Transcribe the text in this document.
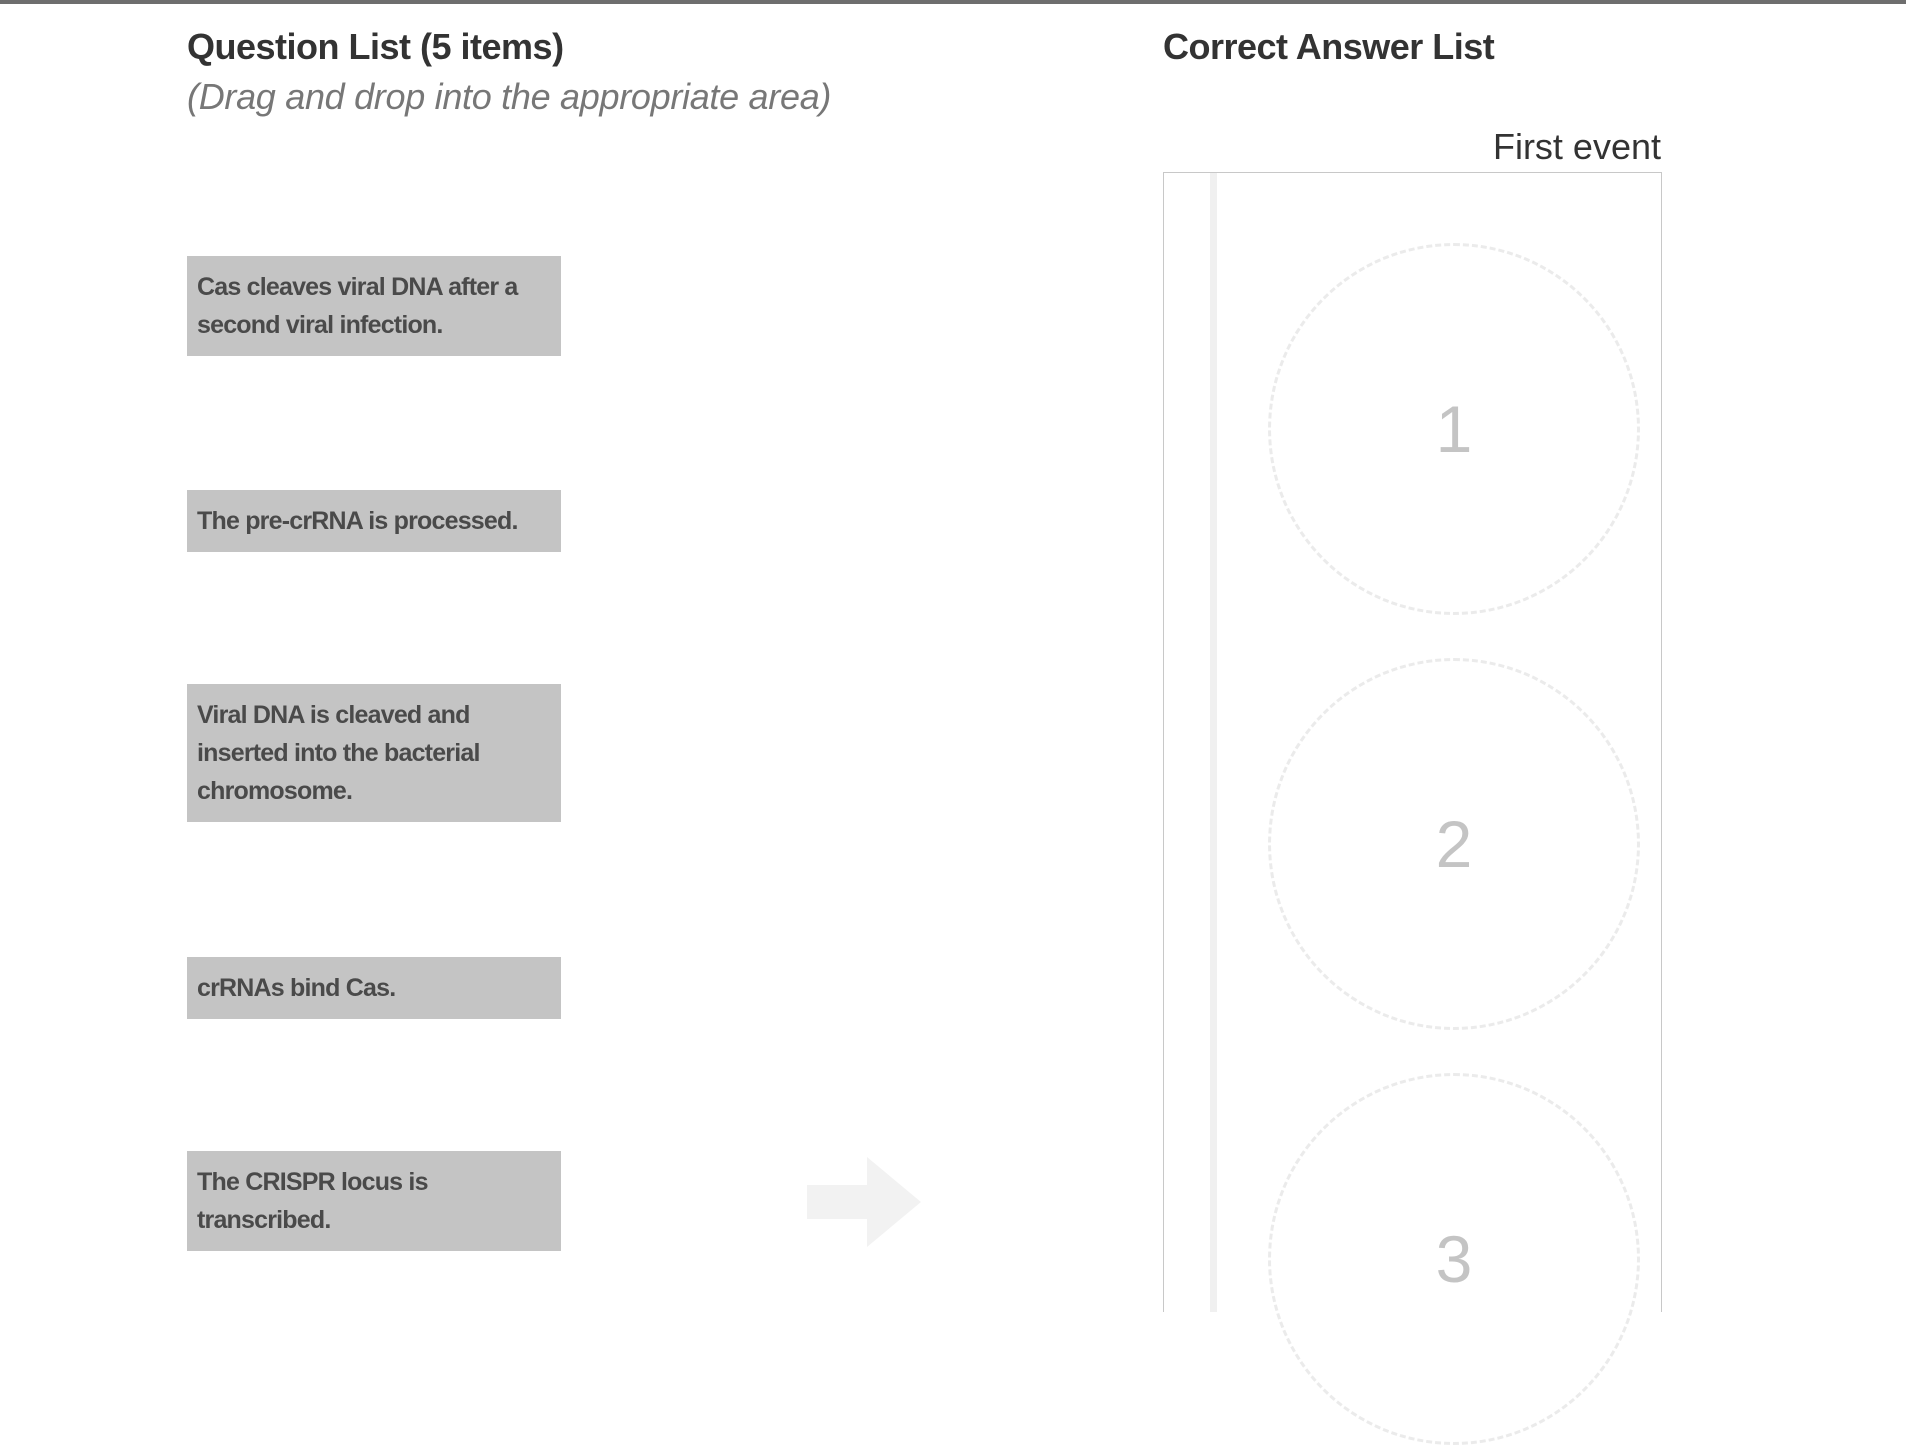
Question List (5 items)
(Drag and drop into the appropriate area)
Cas cleaves viral DNA after a second viral infection.
The pre-crRNA is processed.
Viral DNA is cleaved and inserted into the bacterial chromosome.
crRNAs bind Cas.
The CRISPR locus is transcribed.
Correct Answer List
First event
1
2
3
